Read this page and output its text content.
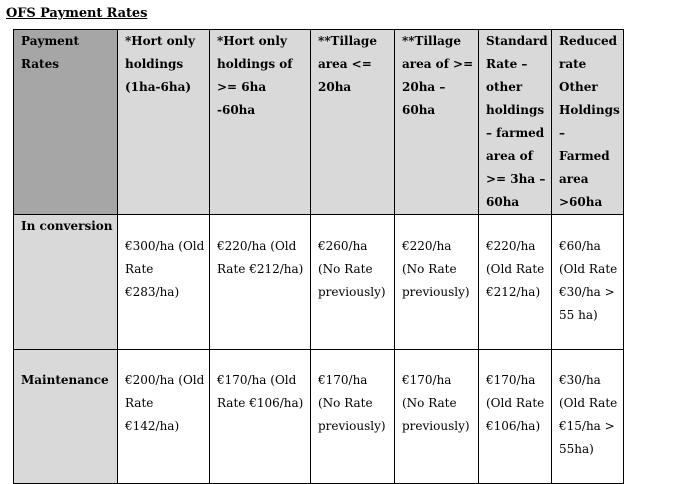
OFS Payment Rates
Payment Rates	*Hort only holdings (1ha-6ha)	*Hort only holdings of >= 6ha -60ha	**Tillage area <= 20ha	**Tillage area of >= 20ha – 60ha	Standard Rate – other holdings – farmed area of >= 3ha – 60ha	Reduced rate Other Holdings – Farmed area >60ha

In conversion	€300/ha (Old Rate €283/ha)	€220/ha (Old Rate €212/ha)	€260/ha (No Rate previously)	€220/ha (No Rate previously)	€220/ha (Old Rate €212/ha)	€60/ha (Old Rate €30/ha > 55 ha)

Maintenance	€200/ha (Old Rate €142/ha)	€170/ha (Old Rate €106/ha)	€170/ha (No Rate previously)	€170/ha (No Rate previously)	€170/ha (Old Rate €106/ha)	€30/ha (Old Rate €15/ha > 55ha)
